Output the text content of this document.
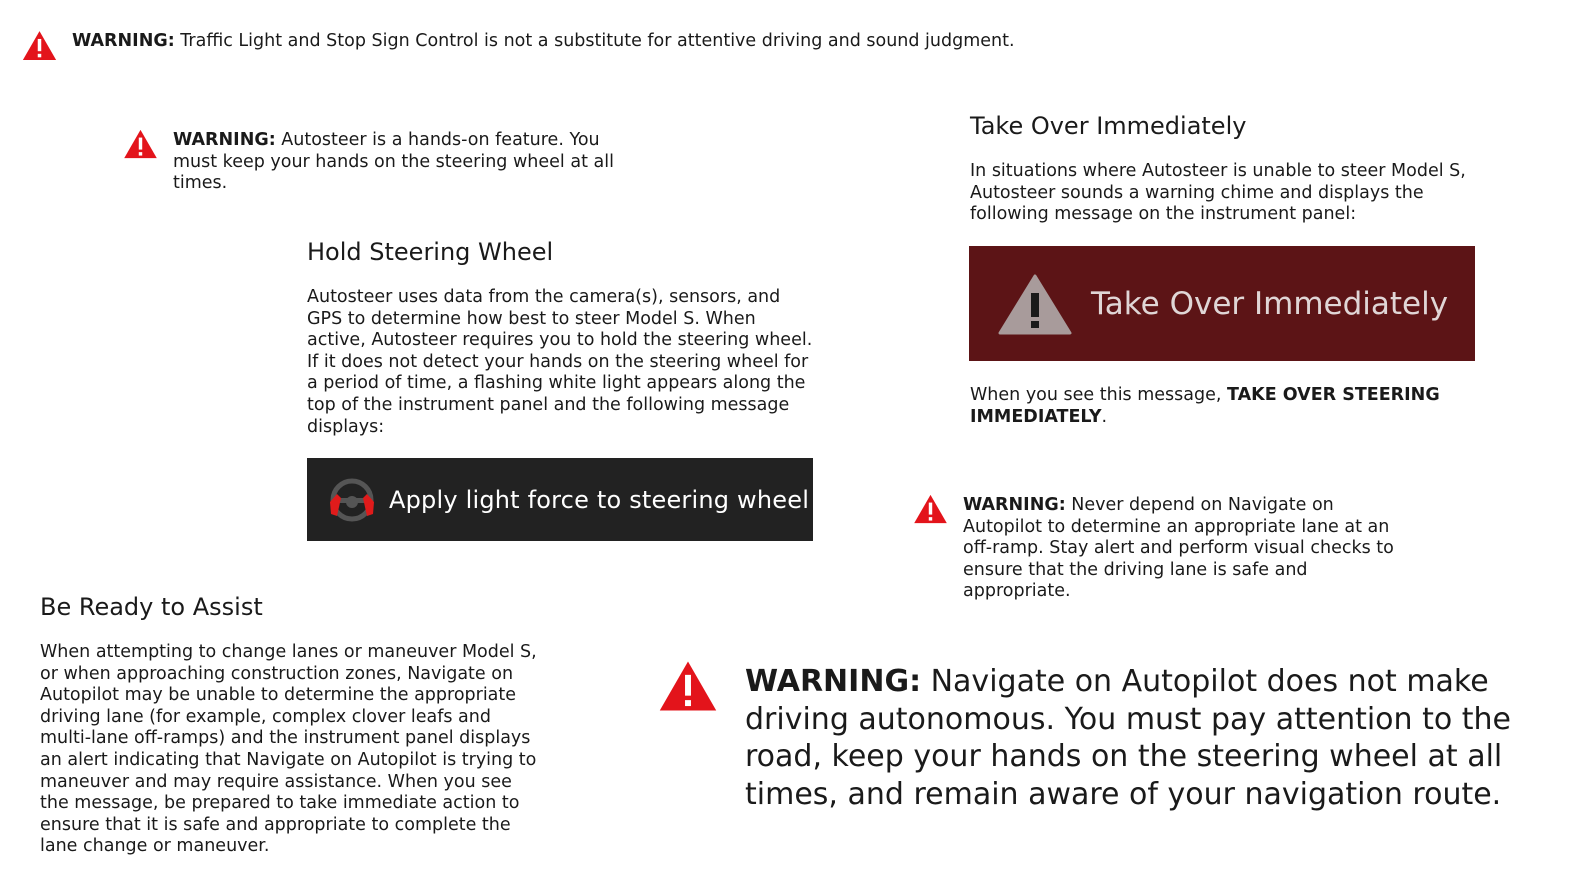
WARNING: Traffic Light and Stop Sign Control is not a substitute for attentive driving and sound judgment.
WARNING: Autosteer is a hands-on feature. You must keep your hands on the steering wheel at all times.
Hold Steering Wheel

Autosteer uses data from the camera(s), sensors, and GPS to determine how best to steer Model S. When active, Autosteer requires you to hold the steering wheel. If it does not detect your hands on the steering wheel for a period of time, a flashing white light appears along the top of the instrument panel and the following message displays:

Apply light force to steering wheel
Take Over Immediately

In situations where Autosteer is unable to steer Model S, Autosteer sounds a warning chime and displays the following message on the instrument panel:

Take Over Immediately

When you see this message, TAKE OVER STEERING IMMEDIATELY.

WARNING: Never depend on Navigate on Autopilot to determine an appropriate lane at an off-ramp. Stay alert and perform visual checks to ensure that the driving lane is safe and appropriate.
Be Ready to Assist

When attempting to change lanes or maneuver Model S, or when approaching construction zones, Navigate on Autopilot may be unable to determine the appropriate driving lane (for example, complex clover leafs and multi-lane off-ramps) and the instrument panel displays an alert indicating that Navigate on Autopilot is trying to maneuver and may require assistance. When you see the message, be prepared to take immediate action to ensure that it is safe and appropriate to complete the lane change or maneuver.

WARNING: Navigate on Autopilot does not make driving autonomous. You must pay attention to the road, keep your hands on the steering wheel at all times, and remain aware of your navigation route.
